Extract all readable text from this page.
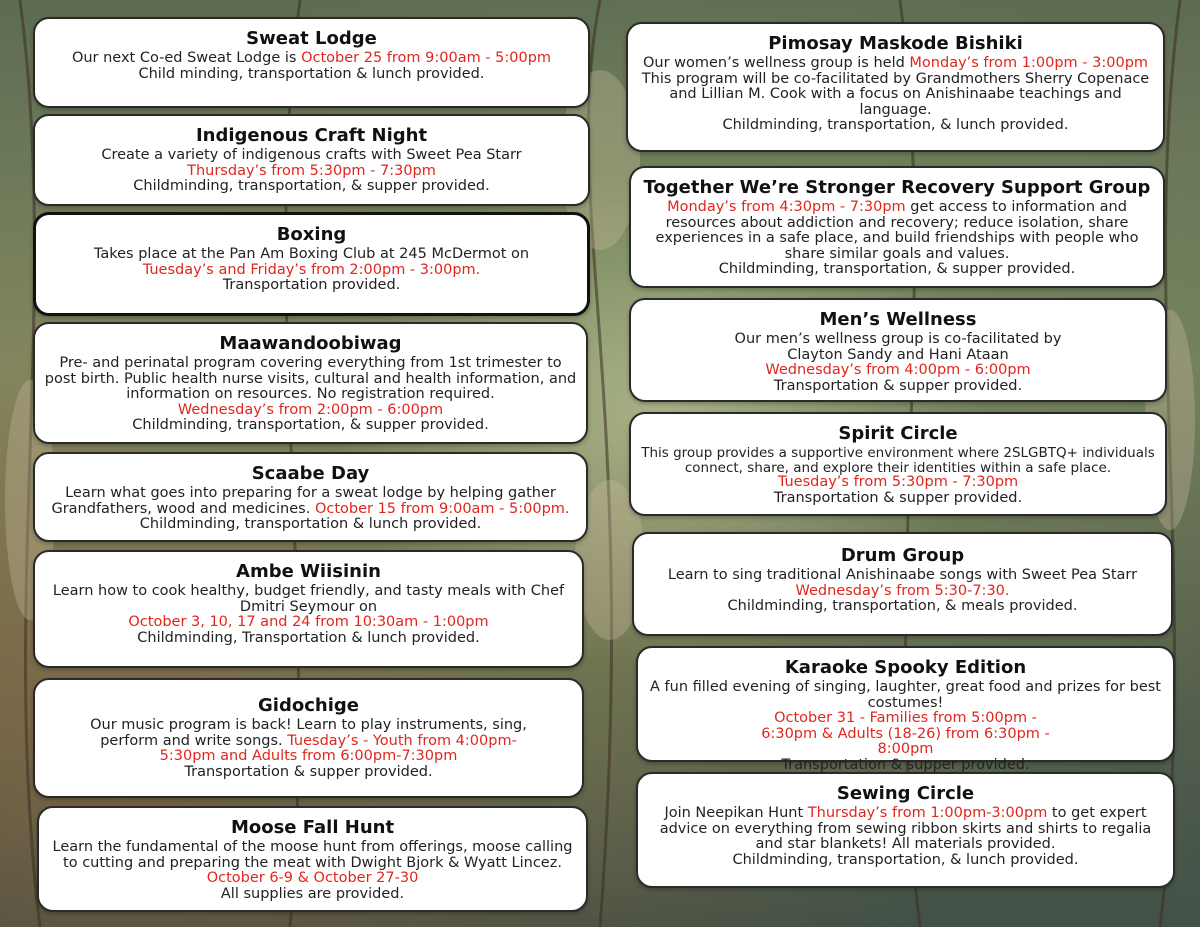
Sweat Lodge

Our next Co-ed Sweat Lodge is October 25 from 9:00am - 5:00pm

Child minding, transportation & lunch provided.

Indigenous Craft Night

Create a variety of indigenous crafts with Sweet Pea Starr

Thursday’s from 5:30pm - 7:30pm

Childminding, transportation, & supper provided.

Boxing

Takes place at the Pan Am Boxing Club at 245 McDermot on

Tuesday’s and Friday’s from 2:00pm - 3:00pm.

Transportation provided.

Maawandoobiwag

Pre- and perinatal program covering everything from 1st trimester to post birth. Public health nurse visits, cultural and health information, and information on resources. No registration required.

Wednesday’s from 2:00pm - 6:00pm

Childminding, transportation, & supper provided.

Scaabe Day

Learn what goes into preparing for a sweat lodge by helping gather Grandfathers, wood and medicines. October 15 from 9:00am - 5:00pm. Childminding, transportation & lunch provided.

Ambe Wiisinin

Learn how to cook healthy, budget friendly, and tasty meals with Chef Dmitri Seymour on

October 3, 10, 17 and 24 from 10:30am - 1:00pm

Childminding, Transportation & lunch provided.

Gidochige

Our music program is back! Learn to play instruments, sing, perform and write songs. Tuesday’s - Youth from 4:00pm- 5:30pm and Adults from 6:00pm-7:30pm

Transportation & supper provided.

Moose Fall Hunt

Learn the fundamental of the moose hunt from offerings, moose calling to cutting and preparing the meat with Dwight Bjork & Wyatt Lincez. October 6-9 & October 27-30

All supplies are provided.

Pimosay Maskode Bishiki

Our women’s wellness group is held Monday’s from 1:00pm - 3:00pm

This program will be co-facilitated by Grandmothers Sherry Copenace and Lillian M. Cook with a focus on Anishinaabe teachings and language.

Childminding, transportation, & lunch provided.

Together We’re Stronger Recovery Support Group

Monday’s from 4:30pm - 7:30pm get access to information and resources about addiction and recovery; reduce isolation, share experiences in a safe place, and build friendships with people who share similar goals and values.

Childminding, transportation, & supper provided.

Men’s Wellness

Our men’s wellness group is co-facilitated by Clayton Sandy and Hani Ataan

Wednesday’s from 4:00pm - 6:00pm

Transportation & supper provided.

Spirit Circle

This group provides a supportive environment where 2SLGBTQ+ individuals connect, share, and explore their identities within a safe place.

Tuesday’s from 5:30pm - 7:30pm

Transportation & supper provided.

Drum Group

Learn to sing traditional Anishinaabe songs with Sweet Pea Starr

Wednesday’s from 5:30-7:30.

Childminding, transportation, & meals provided.

Karaoke Spooky Edition

A fun filled evening of singing, laughter, great food and prizes for best costumes!

October 31 - Families from 5:00pm - 6:30pm & Adults (18-26) from 6:30pm - 8:00pm

Transportation & supper provided.

Sewing Circle

Join Neepikan Hunt Thursday’s from 1:00pm-3:00pm to get expert advice on everything from sewing ribbon skirts and shirts to regalia and star blankets! All materials provided.

Childminding, transportation, & lunch provided.
